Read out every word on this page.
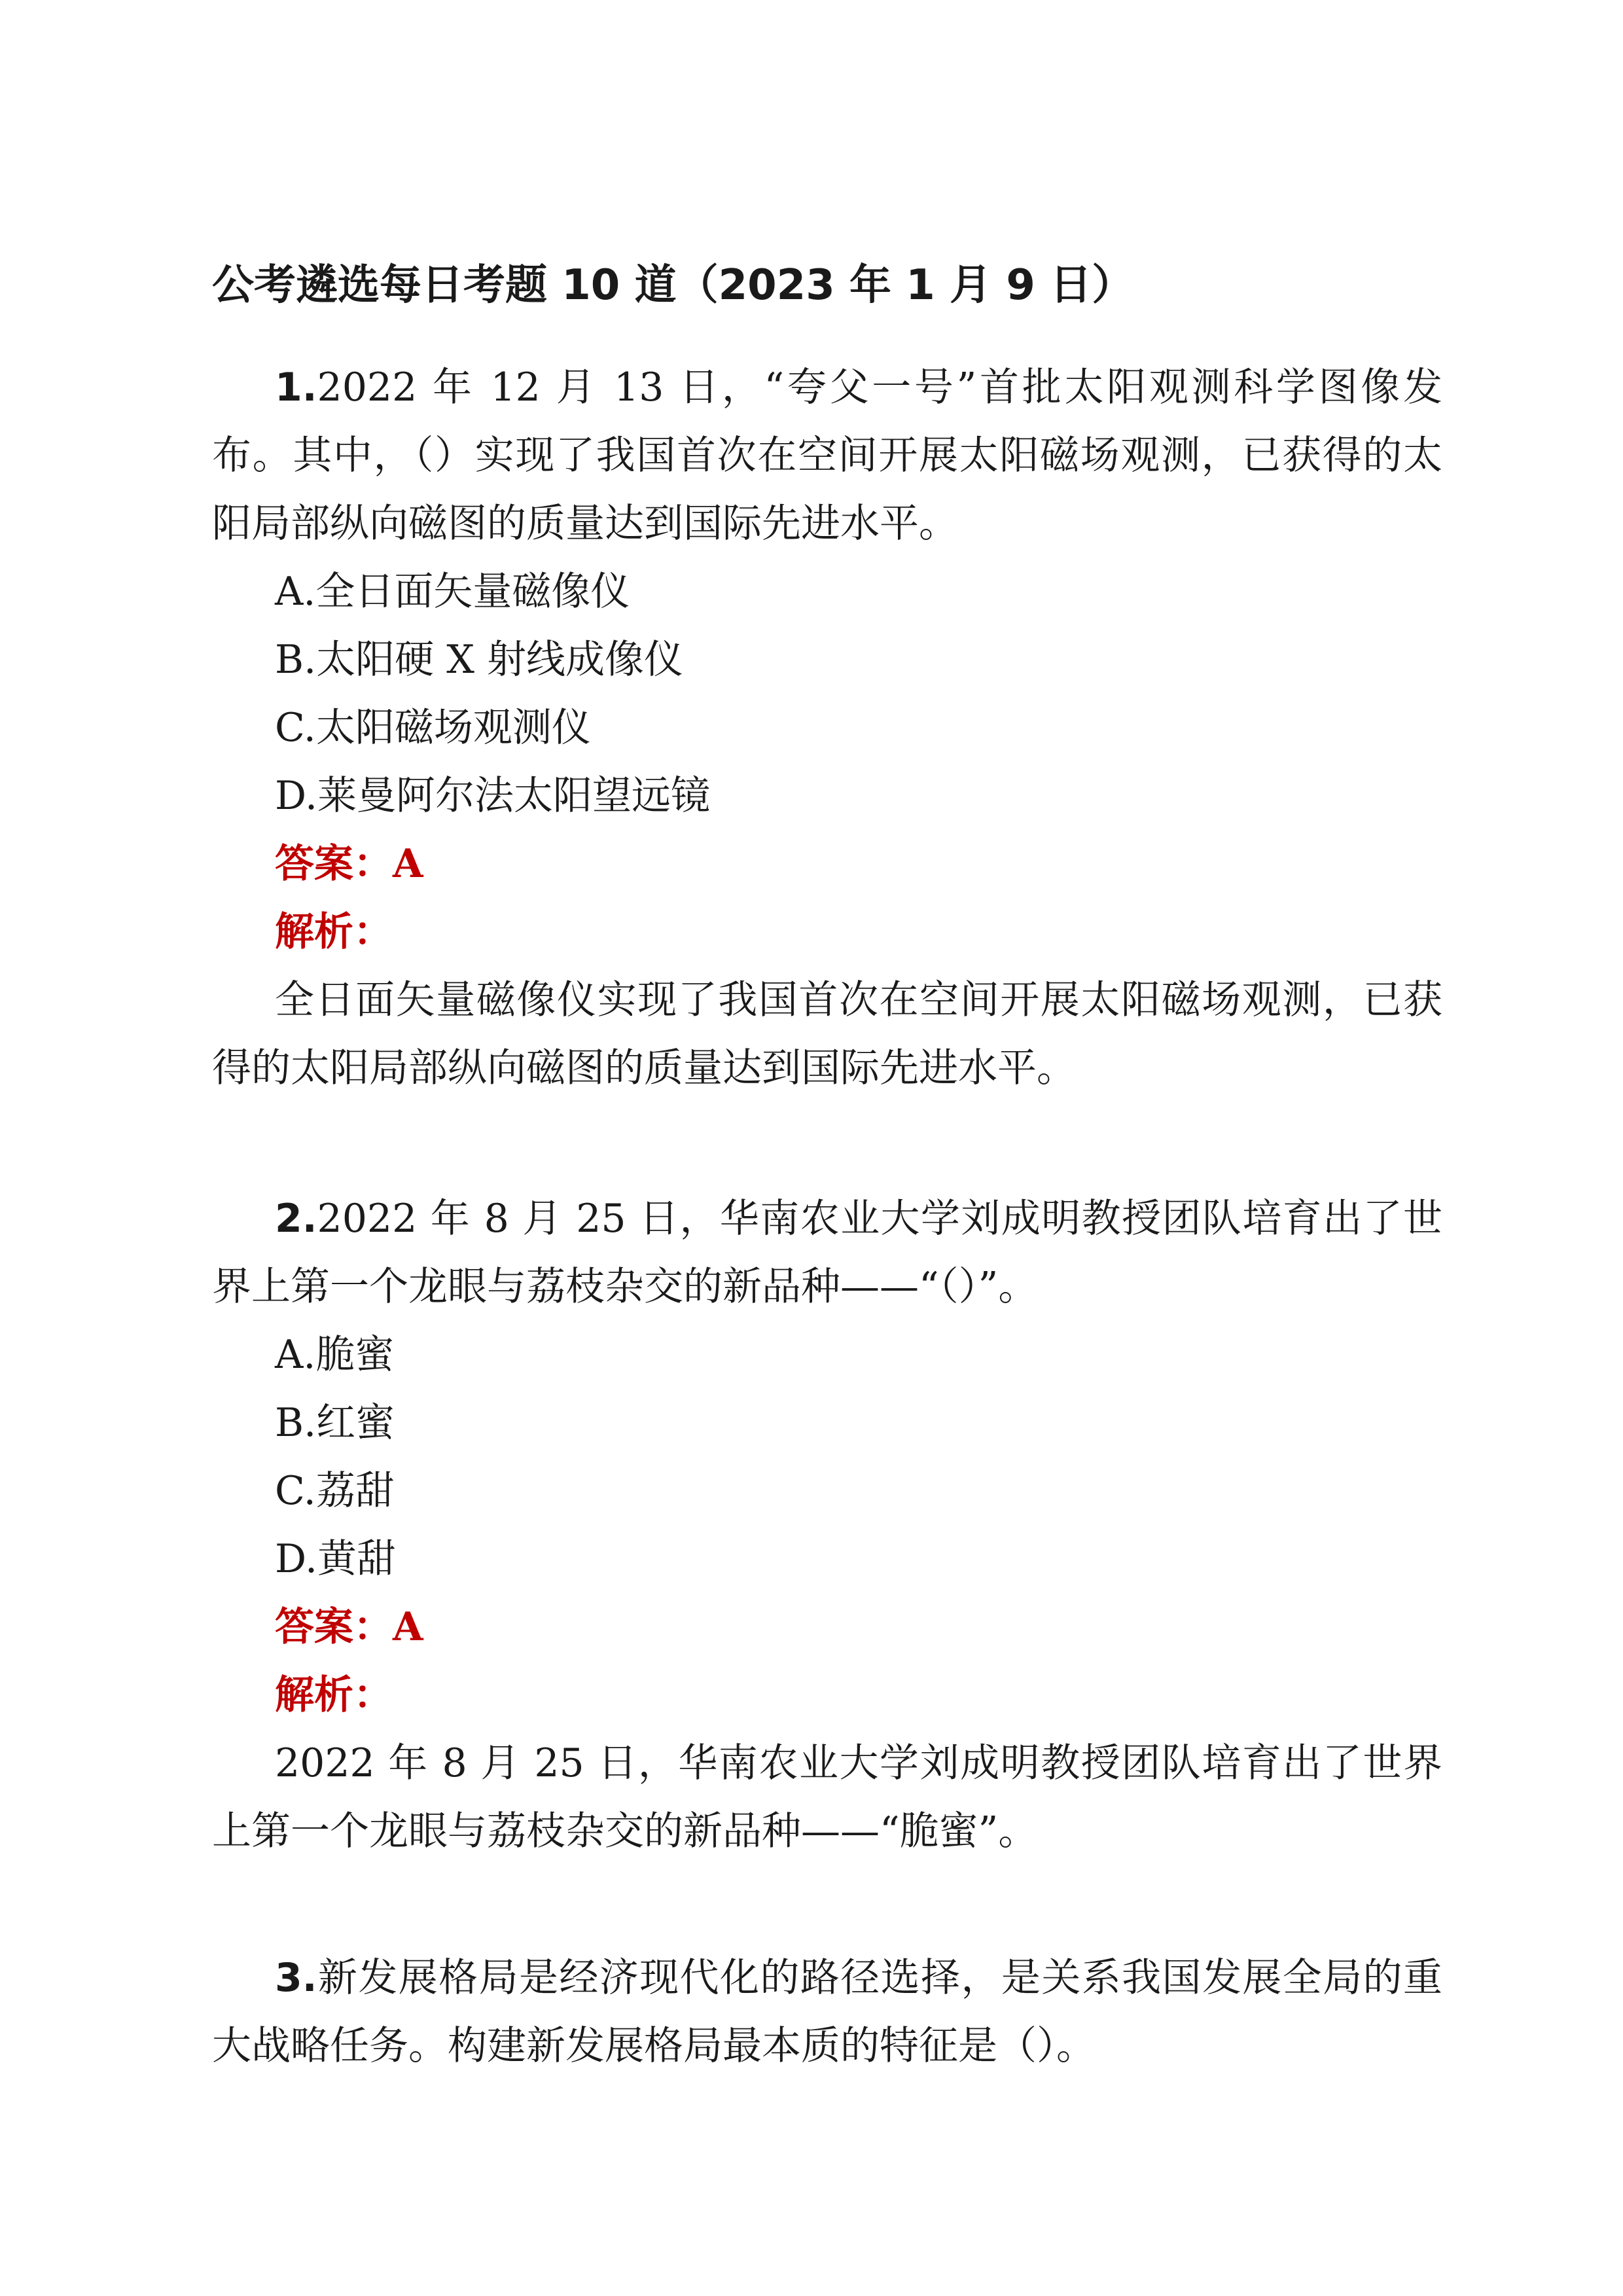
公考遴选每日考题 10 道（2023 年 1 月 9 日）

1.2022 年 12 月 13 日，“夸父一号”首批太阳观测科学图像发布。其中，（）实现了我国首次在空间开展太阳磁场观测，已获得的太阳局部纵向磁图的质量达到国际先进水平。

A.全日面矢量磁像仪

B.太阳硬 X 射线成像仪

C.太阳磁场观测仪

D.莱曼阿尔法太阳望远镜

答案：A

解析：

全日面矢量磁像仪实现了我国首次在空间开展太阳磁场观测，已获得的太阳局部纵向磁图的质量达到国际先进水平。

2.2022 年 8 月 25 日，华南农业大学刘成明教授团队培育出了世界上第一个龙眼与荔枝杂交的新品种——“（）”。

A.脆蜜

B.红蜜

C.荔甜

D.黄甜

答案：A

解析：

2022 年 8 月 25 日，华南农业大学刘成明教授团队培育出了世界上第一个龙眼与荔枝杂交的新品种——“脆蜜”。

3.新发展格局是经济现代化的路径选择，是关系我国发展全局的重大战略任务。构建新发展格局最本质的特征是（）。
